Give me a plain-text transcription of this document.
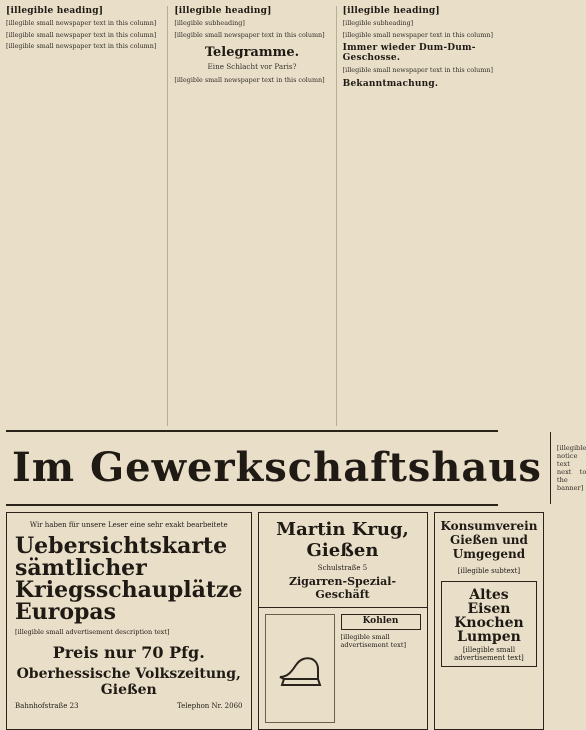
[illegible heading]
[illegible small newspaper text in this column]
[illegible small newspaper text in this column]
[illegible small newspaper text in this column]
[illegible heading]
[illegible subheading]
[illegible small newspaper text in this column]
Telegramme.
Eine Schlacht vor Paris?
[illegible small newspaper text in this column]
[illegible heading]
[illegible subheading]
[illegible small newspaper text in this column]
Immer wieder Dum-Dum-Geschosse.
[illegible small newspaper text in this column]
Bekanntmachung.
Im Gewerkschaftshaus [illegible notice text next to the banner]
Wir haben für unsere Leser eine sehr exakt bearbeitete
Uebersichtskarte sämtlicher Kriegsschauplätze Europas
[illegible small advertisement description text]
Preis nur 70 Pfg.
Oberhessische Volkszeitung, Gießen
Bahnhofstraße 23	Telephon Nr. 2060
Martin Krug, Gießen
Schulstraße 5
Zigarren-Spezial-Geschäft
Kohlen
[illegible small advertisement text]
Konsumverein Gießen und Umgegend
[illegible subtext]
Altes Eisen Knochen Lumpen
[illegible small advertisement text]
